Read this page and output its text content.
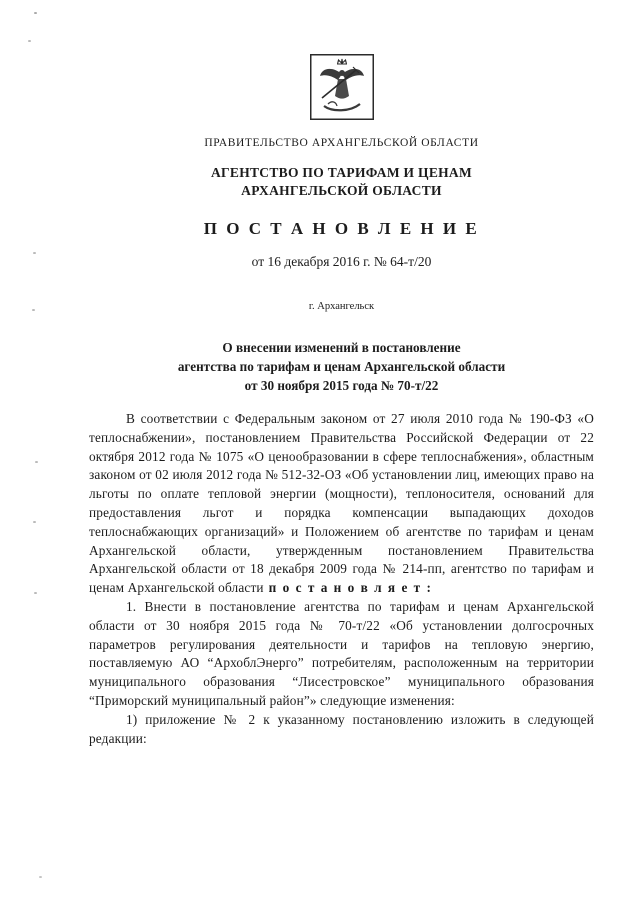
ПРАВИТЕЛЬСТВО АРХАНГЕЛЬСКОЙ ОБЛАСТИ
АГЕНТСТВО ПО ТАРИФАМ И ЦЕНАМ
АРХАНГЕЛЬСКОЙ ОБЛАСТИ
П О С Т А Н О В Л Е Н И Е
от 16 декабря 2016 г. № 64-т/20
г. Архангельск
О внесении изменений в постановление
агентства по тарифам и ценам Архангельской области
от 30 ноября 2015 года № 70-т/22

В соответствии с Федеральным законом от 27 июля 2010 года № 190-ФЗ «О теплоснабжении», постановлением Правительства Российской Федерации от 22 октября 2012 года № 1075 «О ценообразовании в сфере теплоснабжения», областным законом от 02 июля 2012 года № 512-32-ОЗ «Об установлении лиц, имеющих право на льготы по оплате тепловой энергии (мощности), теплоносителя, оснований для предоставления льгот и порядка компенсации выпадающих доходов теплоснабжающих организаций» и Положением об агентстве по тарифам и ценам Архангельской области, утвержденным постановлением Правительства Архангельской области от 18 декабря 2009 года № 214-пп, агентство по тарифам и ценам Архангельской области п о с т а н о в л я е т :

1. Внести в постановление агентства по тарифам и ценам Архангельской области от 30 ноября 2015 года № 70-т/22 «Об установлении долгосрочных параметров регулирования деятельности и тарифов на тепловую энергию, поставляемую АО “АрхоблЭнерго” потребителям, расположенным на территории муниципального образования “Лисестровское” муниципального образования “Приморский муниципальный район”» следующие изменения:

1) приложение № 2 к указанному постановлению изложить в следующей редакции:
